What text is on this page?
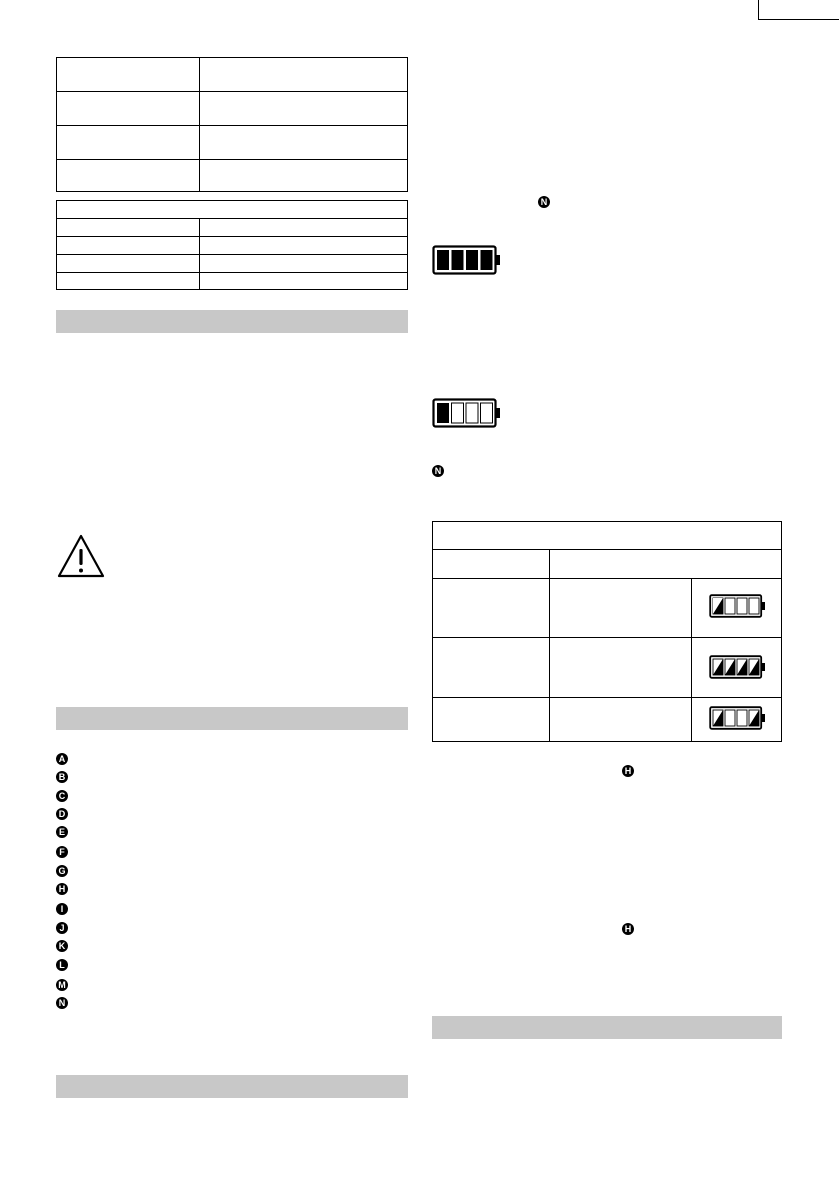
A
B
C
D
E
F
G
H
I
J
K
L
M
N
N
N
H
H
